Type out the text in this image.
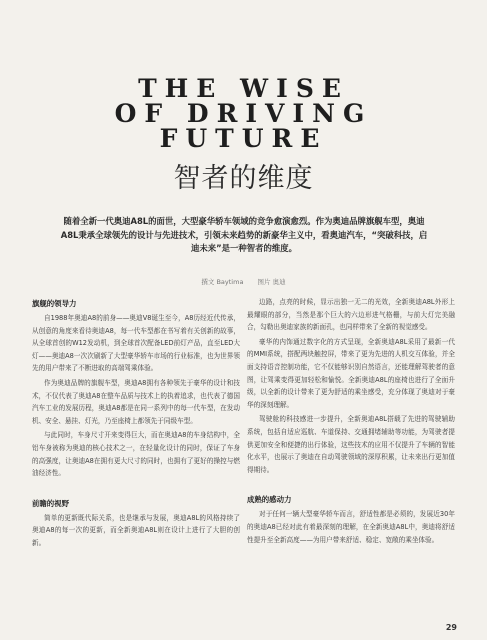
THE WISE
OF DRIVING
FUTURE
智者的维度
随着全新一代奥迪A8L的面世，大型豪华轿车领域的竞争愈演愈烈。作为奥迪品牌旗舰车型，奥迪A8L秉承全球领先的设计与先进技术，引领未来趋势的新豪华主义中，看奥迪汽车，“突破科技，启迪未来”是一种智者的维度。
撰文 Baytima 图片 奥迪
旗舰的领导力

自1988年奥迪A8的前身——奥迪V8诞生至今，A8历经近代传承，从创意的角度来看待奥迪A8，每一代车型都在书写着有关创新的故事，从全球首创的W12发动机，到全球首次配备LED前灯产品，直至LED大灯——奥迪A8一次次刷新了大型豪华轿车市场的行业标准，也为世界领先的用户带来了不断进取的高端驾乘体验。

作为奥迪品牌的旗舰车型，奥迪A8拥有各种领先于豪华的设计和技术，不仅代表了奥迪A8在整车品质与技术上的执着追求，也代表了德国汽车工业的发展历程，奥迪A8都是在同一系列中的每一代车型，在发动机、安全、悬挂、灯光，乃至座椅上都领先于同级车型。

与此同时，车身尺寸开来变得巨大，而在奥迪A8的车身结构中，全铝车身被称为奥迪的核心技术之一，在轻量化设计的同时，保证了车身的高强度，让奥迪A8在拥有更大尺寸的同时，也拥有了更好的操控与燃油经济性。

前瞻的视野

简单的更新既代际关系，也是继承与发展，奥迪A8L的风格持续了奥迪A8的每一次的更新，而全新奥迪A8L则在设计上进行了大胆的创新。

边路，点亮的时候，显示出独一无二的光效，全新奥迪A8L外形上最耀眼的部分，当然是那个巨大的六边形进气格栅，与前大灯完美融合，勾勒出奥迪家族的新面孔，也同样带来了全新的视觉感受。

豪华的内饰通过数字化的方式呈现，全新奥迪A8L采用了最新一代的MMI系统，搭配两块触控屏，带来了更为先进的人机交互体验，并全面支持语音控制功能，它不仅能够识别自然语言，还能理解驾驶者的意图，让驾乘变得更加轻松和愉悦。全新奥迪A8L的座椅也进行了全面升级，以全新的设计带来了更为舒适的乘坐感受，充分体现了奥迪对于豪华的深刻理解。

驾驶舱的科技感进一步提升，全新奥迪A8L搭载了先进的驾驶辅助系统，包括自适应巡航、车道保持、交通拥堵辅助等功能，为驾驶者提供更加安全和便捷的出行体验，这些技术的应用不仅提升了车辆的智能化水平，也展示了奥迪在自动驾驶领域的深厚积累，让未来出行更加值得期待。

成熟的感动力

对于任何一辆大型豪华轿车而言，舒适性都是必须的，发展近30年的奥迪A8已经对此有着最深刻的理解，在全新奥迪A8L中，奥迪将舒适性提升至全新高度——为用户带来舒适、稳定、宽敞的乘坐体验。

29
